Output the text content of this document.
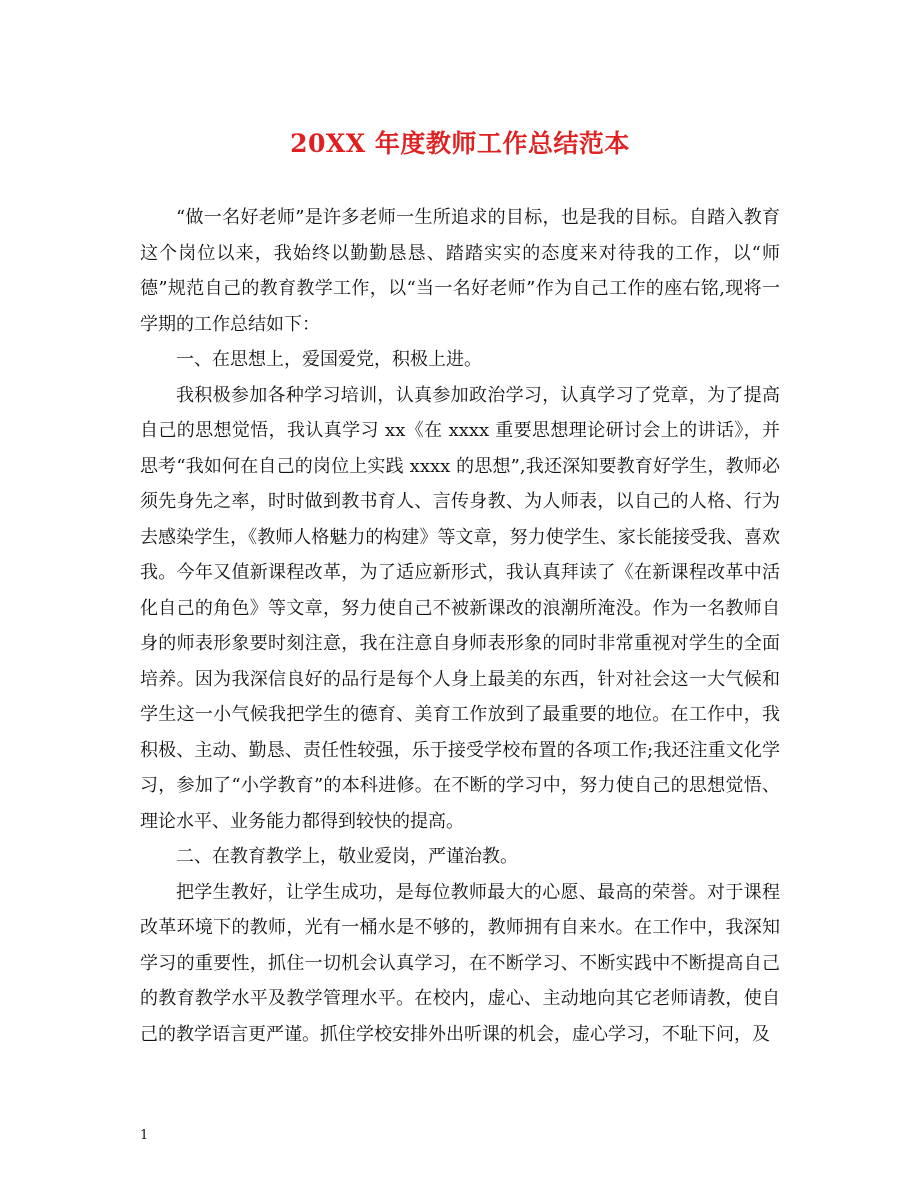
20XX 年度教师工作总结范本

“做一名好老师”是许多老师一生所追求的目标，也是我的目标。自踏入教育这个岗位以来，我始终以勤勤恳恳、踏踏实实的态度来对待我的工作，以“师德”规范自己的教育教学工作，以“当一名好老师”作为自己工作的座右铭,现将一学期的工作总结如下：

一、在思想上，爱国爱党，积极上进。

我积极参加各种学习培训，认真参加政治学习，认真学习了党章，为了提高自己的思想觉悟，我认真学习 xx《在 xxxx 重要思想理论研讨会上的讲话》，并思考“我如何在自己的岗位上实践 xxxx 的思想”,我还深知要教育好学生，教师必须先身先之率，时时做到教书育人、言传身教、为人师表，以自己的人格、行为去感染学生，《教师人格魅力的构建》等文章，努力使学生、家长能接受我、喜欢我。今年又值新课程改革，为了适应新形式，我认真拜读了《在新课程改革中活化自己的角色》等文章，努力使自己不被新课改的浪潮所淹没。作为一名教师自身的师表形象要时刻注意，我在注意自身师表形象的同时非常重视对学生的全面培养。因为我深信良好的品行是每个人身上最美的东西，针对社会这一大气候和学生这一小气候我把学生的德育、美育工作放到了最重要的地位。在工作中，我积极、主动、勤恳、责任性较强，乐于接受学校布置的各项工作;我还注重文化学习，参加了“小学教育”的本科进修。在不断的学习中，努力使自己的思想觉悟、理论水平、业务能力都得到较快的提高。

二、在教育教学上，敬业爱岗，严谨治教。

把学生教好，让学生成功，是每位教师最大的心愿、最高的荣誉。对于课程改革环境下的教师，光有一桶水是不够的，教师拥有自来水。在工作中，我深知学习的重要性，抓住一切机会认真学习，在不断学习、不断实践中不断提高自己的教育教学水平及教学管理水平。在校内，虚心、主动地向其它老师请教，使自己的教学语言更严谨。抓住学校安排外出听课的机会，虚心学习，不耻下问，及

1
